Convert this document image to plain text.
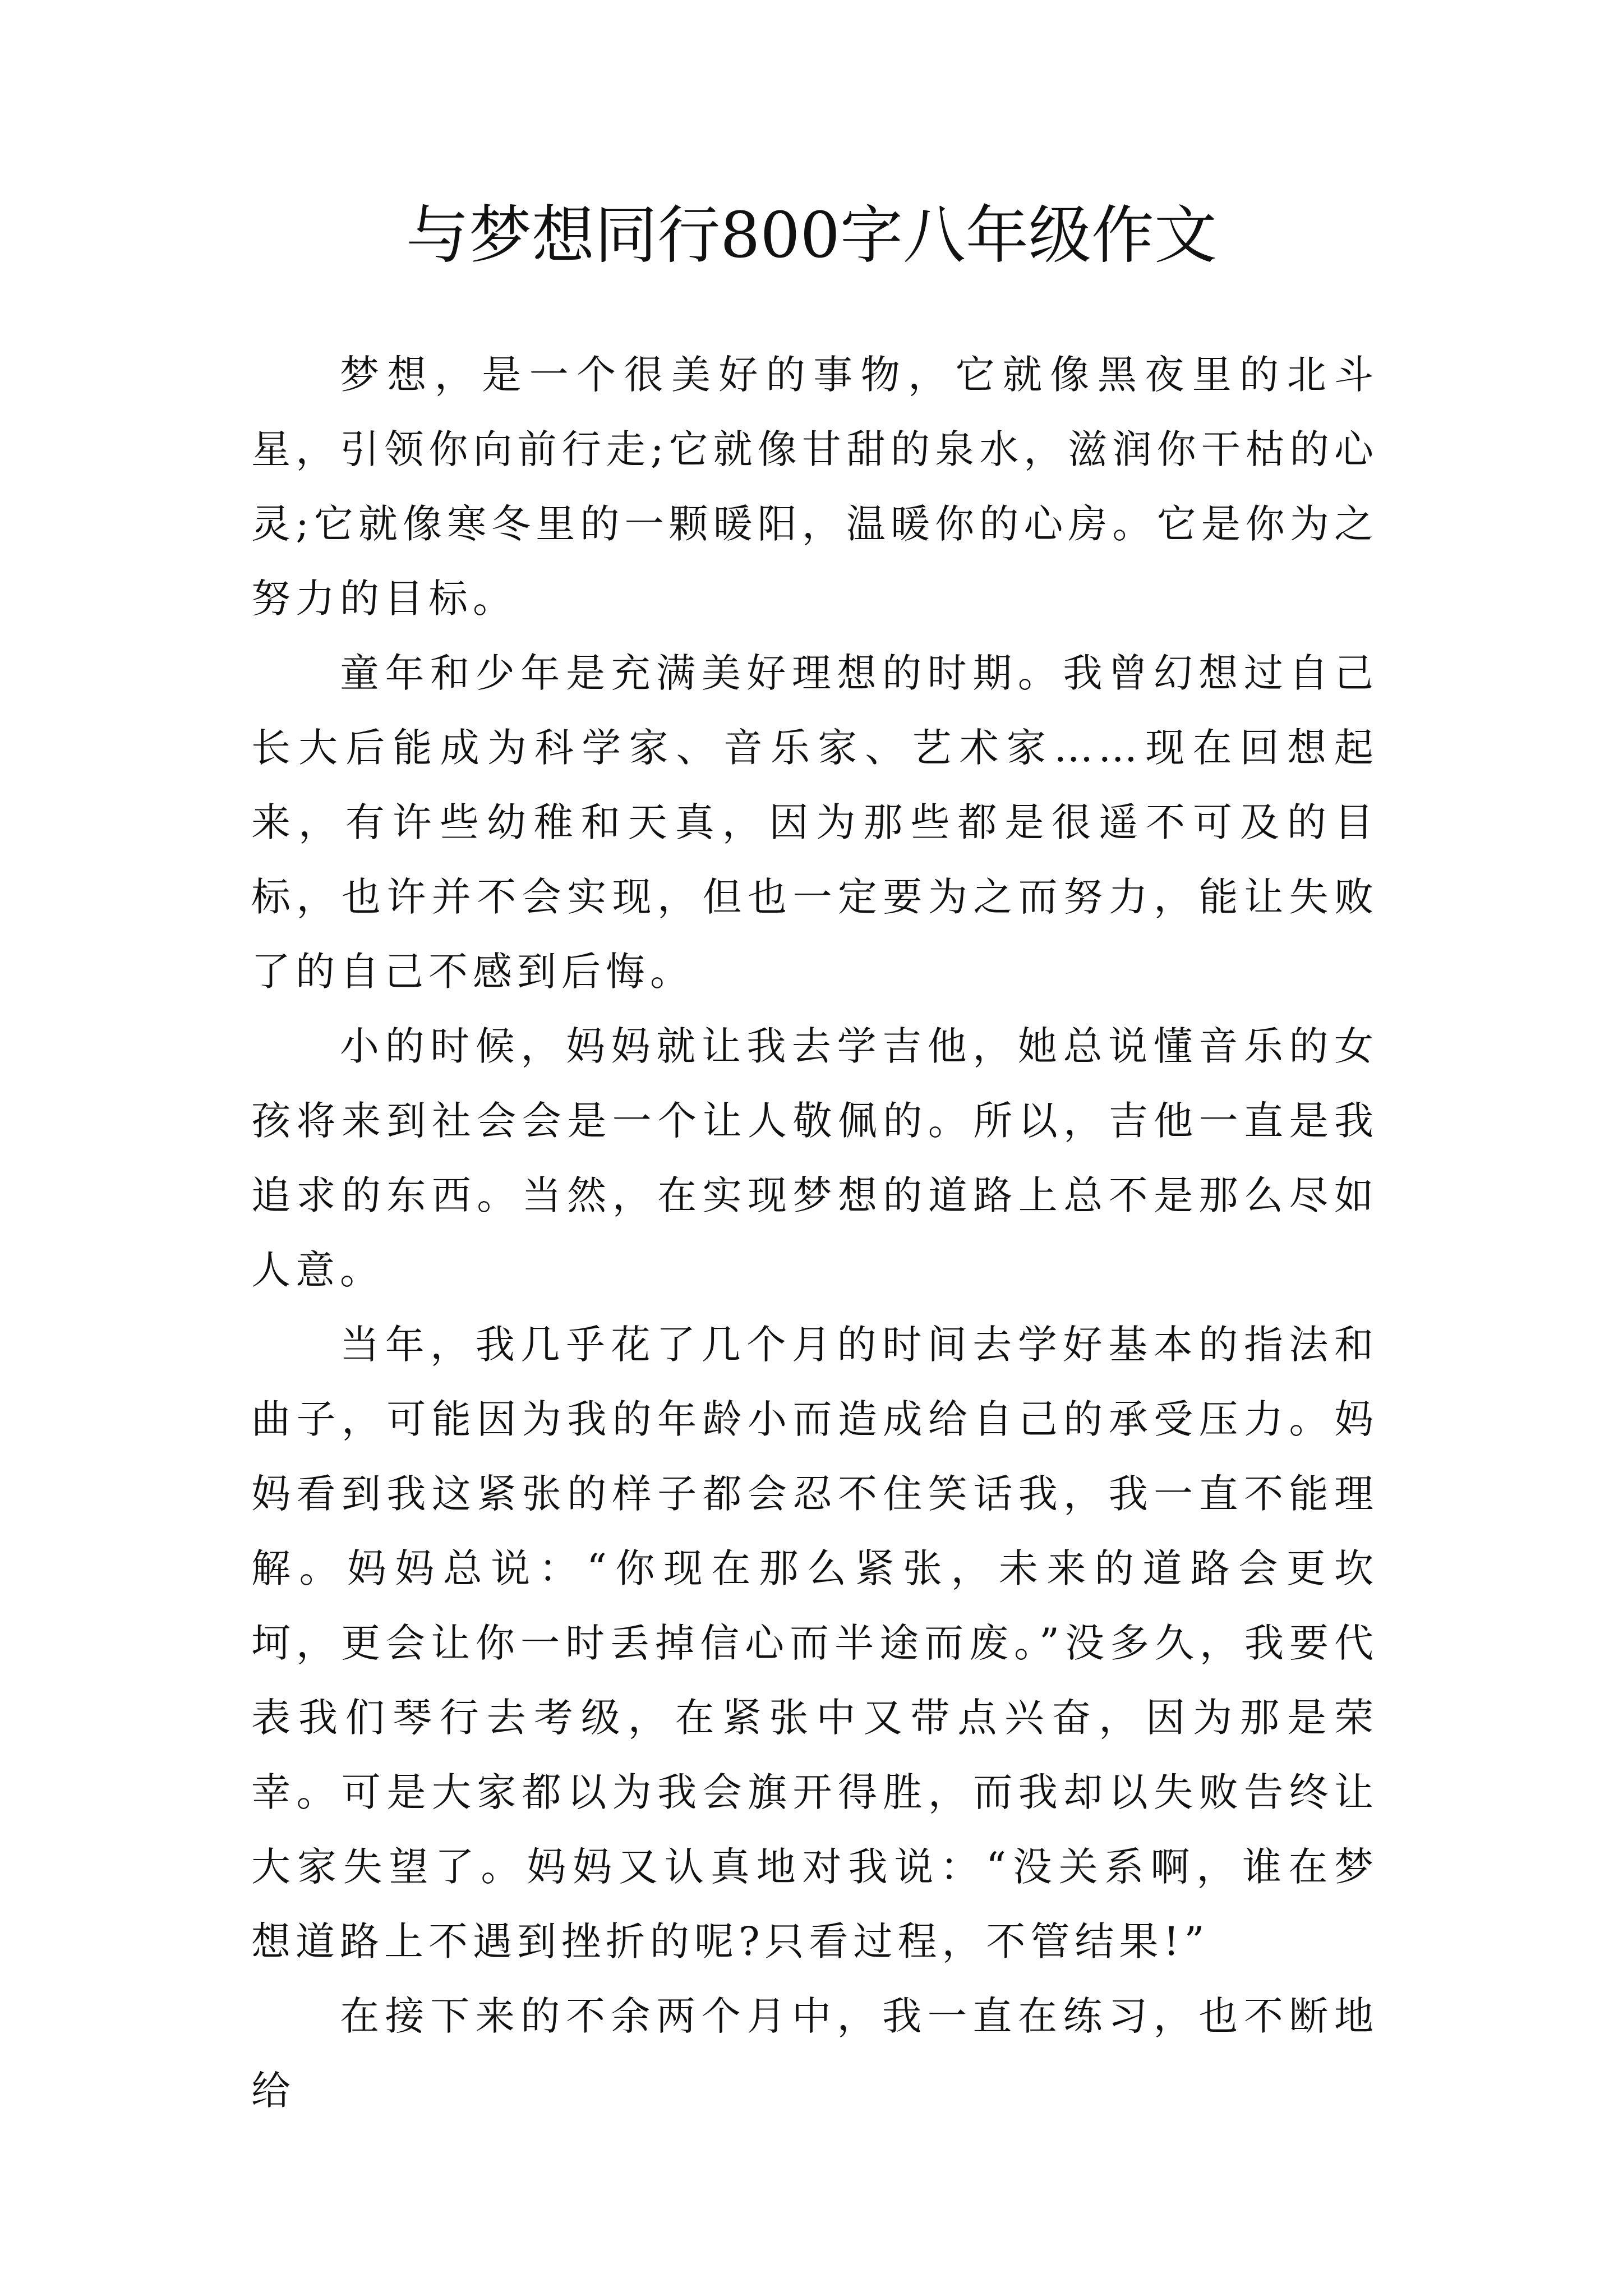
与梦想同行800字八年级作文

梦想，是一个很美好的事物，它就像黑夜里的北斗星，引领你向前行走;它就像甘甜的泉水，滋润你干枯的心灵;它就像寒冬里的一颗暖阳，温暖你的心房。它是你为之努力的目标。

童年和少年是充满美好理想的时期。我曾幻想过自己长大后能成为科学家、音乐家、艺术家……现在回想起来，有许些幼稚和天真，因为那些都是很遥不可及的目标，也许并不会实现，但也一定要为之而努力，能让失败了的自己不感到后悔。

小的时候，妈妈就让我去学吉他，她总说懂音乐的女孩将来到社会会是一个让人敬佩的。所以，吉他一直是我追求的东西。当然，在实现梦想的道路上总不是那么尽如人意。

当年，我几乎花了几个月的时间去学好基本的指法和曲子，可能因为我的年龄小而造成给自己的承受压力。妈妈看到我这紧张的样子都会忍不住笑话我，我一直不能理解。妈妈总说：“你现在那么紧张，未来的道路会更坎坷，更会让你一时丢掉信心而半途而废。”没多久，我要代表我们琴行去考级，在紧张中又带点兴奋，因为那是荣幸。可是大家都以为我会旗开得胜，而我却以失败告终让大家失望了。妈妈又认真地对我说：“没关系啊，谁在梦想道路上不遇到挫折的呢?只看过程，不管结果!”

在接下来的不余两个月中，我一直在练习，也不断地给
